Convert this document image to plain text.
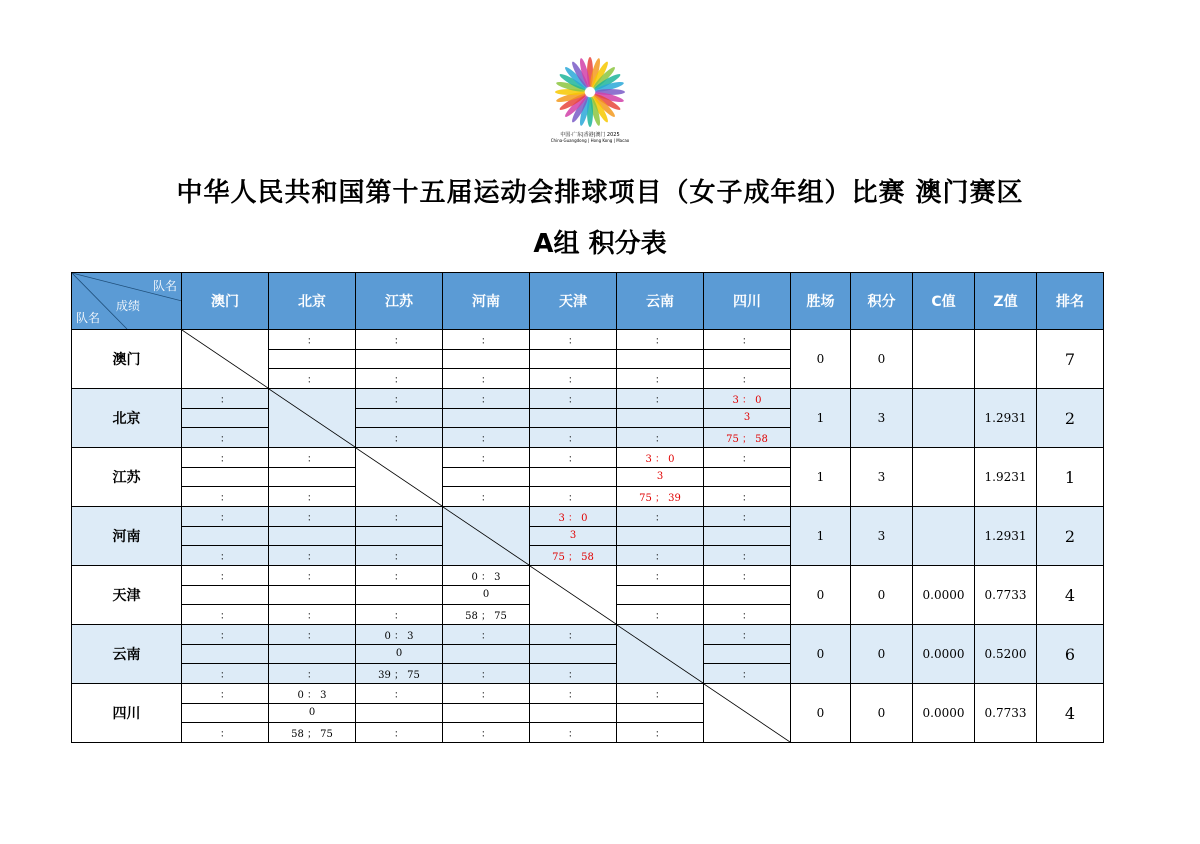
中国·广东|香港|澳门 2025
China·Guangdong | Hong Kong | Macao
中华人民共和国第十五届运动会排球项目（女子成年组）比赛 澳门赛区
A组 积分表
队名
成绩
队名	澳门	北京	江苏	河南	天津	云南	四川	胜场	积分	C值	Z值	排名
澳门		：	：	：	：	：	：	0	0			7

		：	：	：	：	：	：					
北京	：		：	：	：	：	3 ： 0	1	3		1.2931	2
							3					
	：		：	：	：	：	75 ； 58					
江苏	：	：		：	：	3 ： 0	：	1	3		1.9231	1
						3						
	：	：		：	：	75 ； 39	：					
河南	：	：	：		3 ： 0	：	：	1	3		1.2931	2
					3							
	：	：	：		75 ； 58	：	：					
天津	：	：	：	0 ： 3		：	：	0	0	0.0000	0.7733	4
				0								
	：	：	：	58 ； 75		：	：					
云南	：	：	0 ： 3	：	：		：	0	0	0.0000	0.5200	6
			0									
	：	：	39 ； 75	：	：		：					
四川	：	0 ： 3	：	：	：	：		0	0	0.0000	0.7733	4
		0										
	：	58 ； 75	：	：	：	：						
